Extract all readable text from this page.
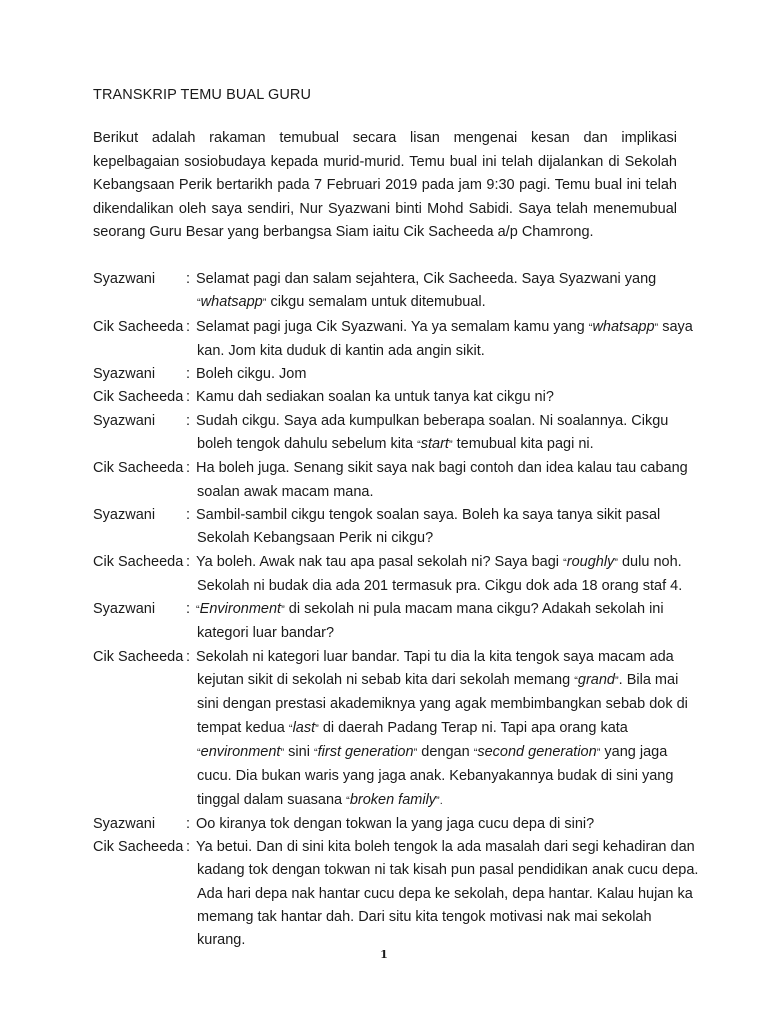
TRANSKRIP TEMU BUAL GURU
Berikut adalah rakaman temubual secara lisan mengenai kesan dan implikasi kepelbagaian sosiobudaya kepada murid-murid. Temu bual ini telah dijalankan di Sekolah Kebangsaan Perik bertarikh pada 7 Februari 2019 pada jam 9:30 pagi. Temu bual ini telah dikendalikan oleh saya sendiri, Nur Syazwani binti Mohd Sabidi. Saya telah menemubual seorang Guru Besar yang berbangsa Siam iaitu Cik Sacheeda a/p Chamrong.
Syazwani	: Selamat pagi dan salam sejahtera, Cik Sacheeda. Saya Syazwani yang
“whatsapp” cikgu semalam untuk ditemubual.
Cik Sacheeda : Selamat pagi juga Cik Syazwani. Ya ya semalam kamu yang “whatsapp” saya
kan. Jom kita duduk di kantin ada angin sikit.
Syazwani	: Boleh cikgu. Jom
Cik Sacheeda : Kamu dah sediakan soalan ka untuk tanya kat cikgu ni?
Syazwani	: Sudah cikgu. Saya ada kumpulkan beberapa soalan. Ni soalannya. Cikgu
boleh tengok dahulu sebelum kita “start” temubual kita pagi ni.
Cik Sacheeda : Ha boleh juga. Senang sikit saya nak bagi contoh dan idea kalau tau cabang
soalan awak macam mana.
Syazwani	: Sambil-sambil cikgu tengok soalan saya. Boleh ka saya tanya sikit pasal
Sekolah Kebangsaan Perik ni cikgu?
Cik Sacheeda : Ya boleh. Awak nak tau apa pasal sekolah ni? Saya bagi “roughly” dulu noh.
Sekolah ni budak dia ada 201 termasuk pra. Cikgu dok ada 18 orang staf 4.
Syazwani	: “Environment” di sekolah ni pula macam mana cikgu? Adakah sekolah ini
kategori luar bandar?
Cik Sacheeda : Sekolah ni kategori luar bandar. Tapi tu dia la kita tengok saya macam ada
kejutan sikit di sekolah ni sebab kita dari sekolah memang “grand”. Bila mai
sini dengan prestasi akademiknya yang agak membimbangkan sebab dok di
tempat kedua “last” di daerah Padang Terap ni. Tapi apa orang kata
“environment” sini “first generation” dengan “second generation” yang jaga
cucu. Dia bukan waris yang jaga anak. Kebanyakannya budak di sini yang
tinggal dalam suasana “broken family”.
Syazwani	: Oo kiranya tok dengan tokwan la yang jaga cucu depa di sini?
Cik Sacheeda : Ya betui. Dan di sini kita boleh tengok la ada masalah dari segi kehadiran dan
kadang tok dengan tokwan ni tak kisah pun pasal pendidikan anak cucu depa.
Ada hari depa nak hantar cucu depa ke sekolah, depa hantar. Kalau hujan ka
memang tak hantar dah. Dari situ kita tengok motivasi nak mai sekolah
kurang.
1
